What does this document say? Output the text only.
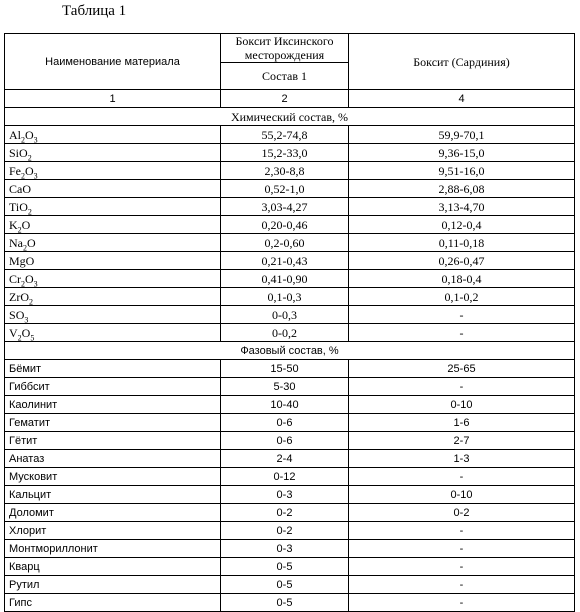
Таблица 1
Наименование материала	Боксит Иксинского месторождения	Боксит (Сардиния)
	Состав 1	
1	2	4
Химический состав, %		
$Al_2O_3$	55,2-74,8	59,9-70,1
SiO$_2$	15,2-33,0	9,36-15,0
$Fe_2O_3$	2,30-8,8	9,51-16,0
CaO	0,52-1,0	2,88-6,08
TiO$_2$	3,03-4,27	3,13-4,70
$K_2O$	0,20-0,46	0,12-0,4
$Na_2O$	0,2-0,60	0,11-0,18
MgO	0,21-0,43	0,26-0,47
$Cr_2O_3$	0,41-0,90	0,18-0,4
ZrO$_2$	0,1-0,3	0,1-0,2
$SO_3$	0-0,3	-
$V_2O_5$	0-0,2	-
Фазовый состав, %		
Бёмит	15-50	25-65
Гиббсит	5-30	-
Каолинит	10-40	0-10
Гематит	0-6	1-6
Гётит	0-6	2-7
Анатаз	2-4	1-3
Мусковит	0-12	-
Кальцит	0-3	0-10
Доломит	0-2	0-2
Хлорит	0-2	-
Монтмориллонит	0-3	-
Кварц	0-5	-
Рутил	0-5	-
Гипс	0-5	-
